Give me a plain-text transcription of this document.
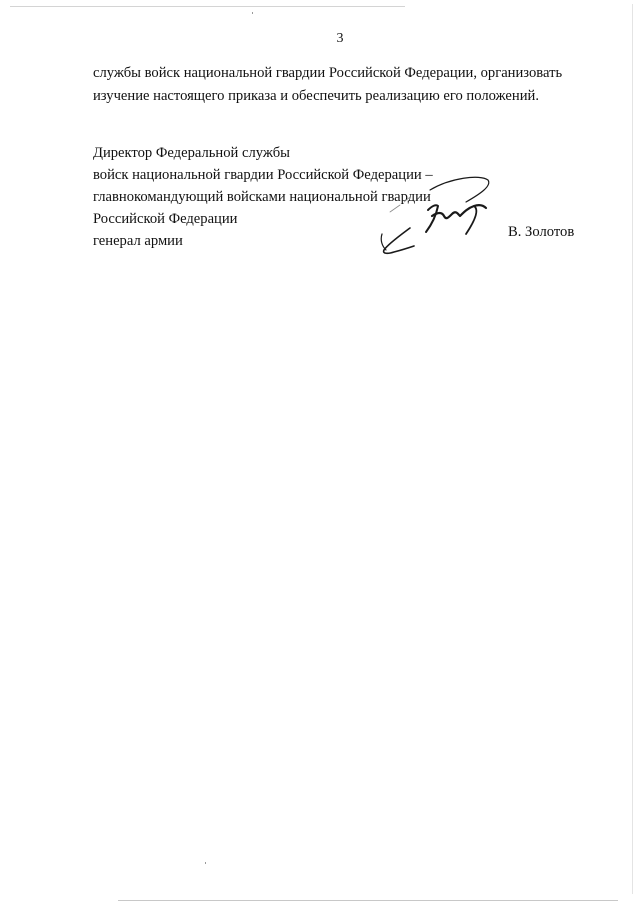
3

службы войск национальной гвардии Российской Федерации, организовать
изучение настоящего приказа и обеспечить реализацию его положений.

Директор Федеральной службы
войск национальной гвардии Российской Федерации –
главнокомандующий войсками национальной гвардии
Российской Федерации
генерал армии
В. Золотов
